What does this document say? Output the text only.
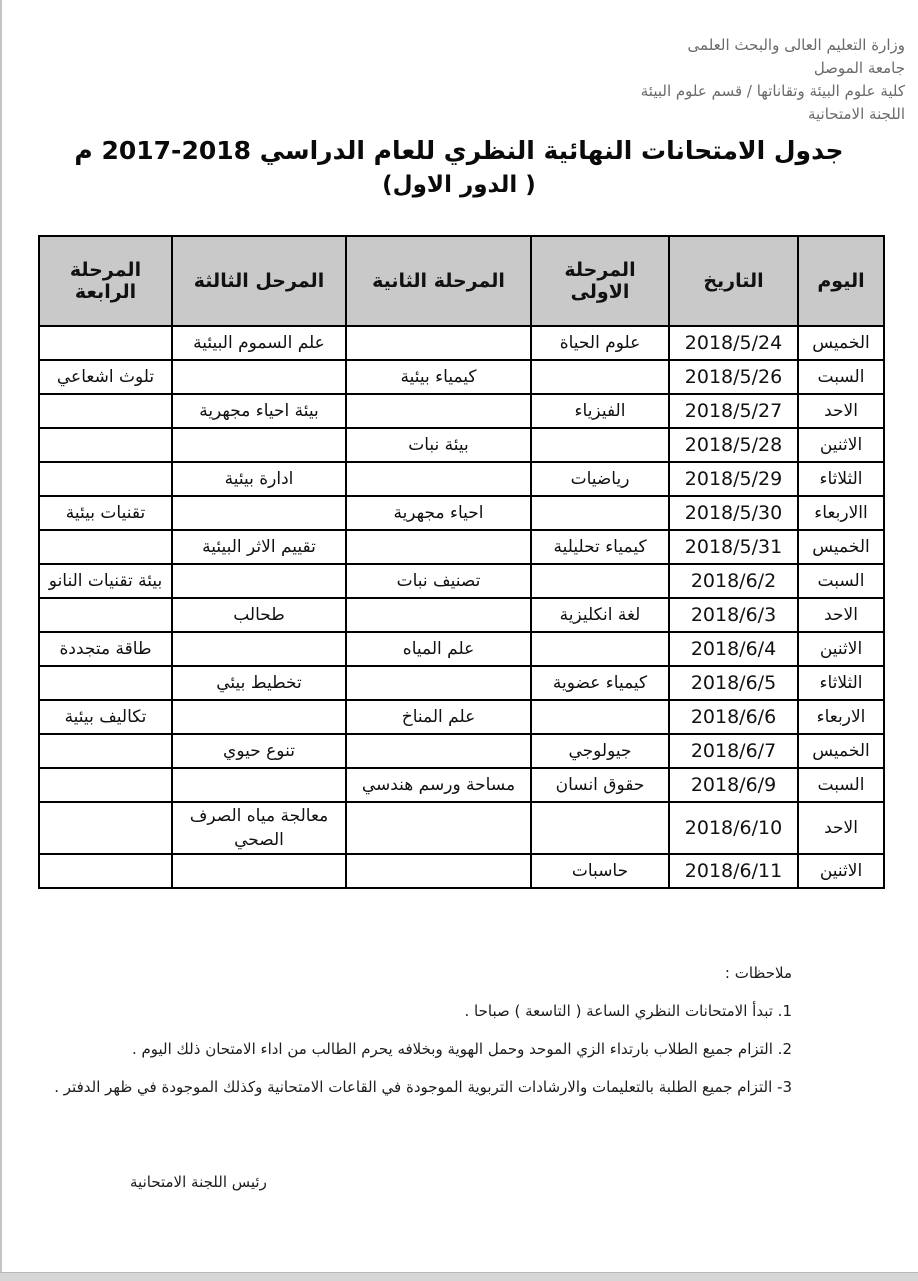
وزارة التعليم العالى والبحث العلمى
جامعة الموصل
كلية علوم البيئة وتقاناتها / قسم علوم البيئة
اللجنة الامتحانية
جدول الامتحانات النهائية النظري للعام الدراسي 2018-2017 م
( الدور الاول)
اليوم	التاريخ	المرحلة الاولى	المرحلة الثانية	المرحل الثالثة	المرحلة الرابعة
الخميس	2018/5/24	علوم الحياة		علم السموم البيئية	
السبت	2018/5/26		كيمياء بيئية		تلوث اشعاعي
الاحد	2018/5/27	الفيزياء		بيئة احياء مجهرية	
الاثنين	2018/5/28		بيئة نبات		
الثلاثاء	2018/5/29	رياضيات		ادارة بيئية	
االاربعاء	2018/5/30		احياء مجهرية		تقنيات بيئية
الخميس	2018/5/31	كيمياء تحليلية		تقييم الاثر البيئية	
السبت	2018/6/2		تصنيف نبات		بيئة تقنيات النانو
الاحد	2018/6/3	لغة انكليزية		طحالب	
الاثنين	2018/6/4		علم المياه		طاقة متجددة
الثلاثاء	2018/6/5	كيمياء عضوية		تخطيط بيئي	
الاربعاء	2018/6/6		علم المناخ		تكاليف بيئية
الخميس	2018/6/7	جيولوجي		تنوع حيوي	
السبت	2018/6/9	حقوق انسان	مساحة ورسم هندسي		
الاحد	2018/6/10			معالجة مياه الصرف الصحي	
الاثنين	2018/6/11	حاسبات			
ملاحظات :
1. تبدأ الامتحانات النظري الساعة ( التاسعة ) صباحا .
2. التزام جميع الطلاب بارتداء الزي الموحد وحمل الهوية وبخلافه يحرم الطالب من اداء الامتحان ذلك اليوم .
3- التزام جميع الطلبة بالتعليمات والارشادات التربوية الموجودة في القاعات الامتحانية وكذلك الموجودة في ظهر الدفتر .
رئيس اللجنة الامتحانية
